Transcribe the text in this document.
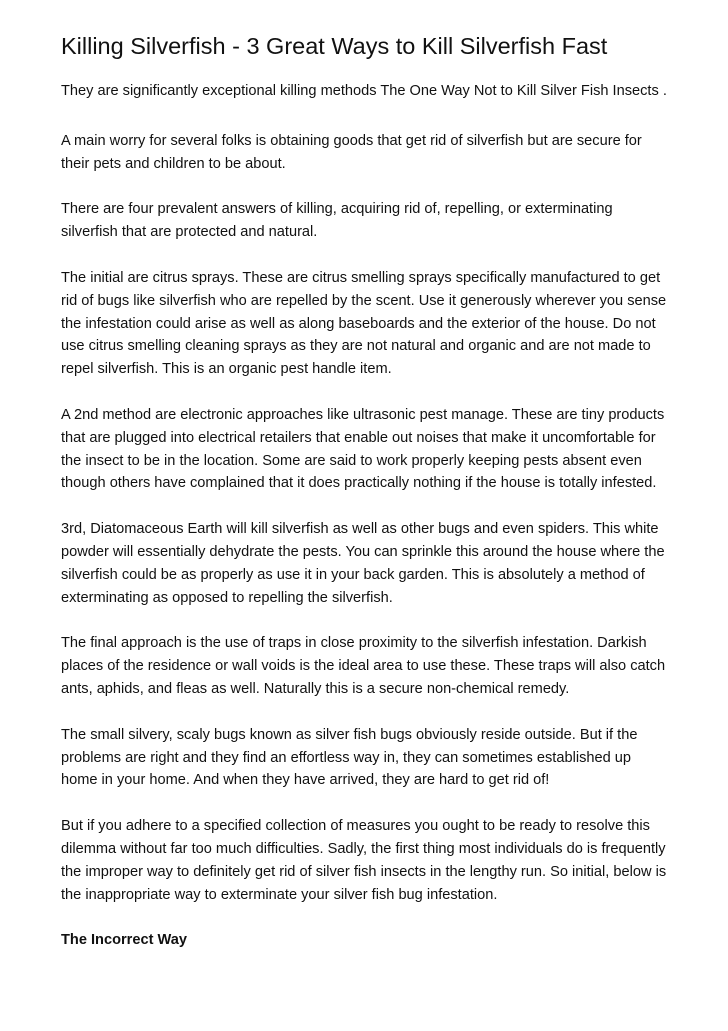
Killing Silverfish - 3 Great Ways to Kill Silverfish Fast

They are significantly exceptional killing methods The One Way Not to Kill Silver Fish Insects .

A main worry for several folks is obtaining goods that get rid of silverfish but are secure for their pets and children to be about.

There are four prevalent answers of killing, acquiring rid of, repelling, or exterminating silverfish that are protected and natural.

The initial are citrus sprays. These are citrus smelling sprays specifically manufactured to get rid of bugs like silverfish who are repelled by the scent. Use it generously wherever you sense the infestation could arise as well as along baseboards and the exterior of the house. Do not use citrus smelling cleaning sprays as they are not natural and organic and are not made to repel silverfish. This is an organic pest handle item.

A 2nd method are electronic approaches like ultrasonic pest manage. These are tiny products that are plugged into electrical retailers that enable out noises that make it uncomfortable for the insect to be in the location. Some are said to work properly keeping pests absent even though others have complained that it does practically nothing if the house is totally infested.

3rd, Diatomaceous Earth will kill silverfish as well as other bugs and even spiders. This white powder will essentially dehydrate the pests. You can sprinkle this around the house where the silverfish could be as properly as use it in your back garden. This is absolutely a method of exterminating as opposed to repelling the silverfish.

The final approach is the use of traps in close proximity to the silverfish infestation. Darkish places of the residence or wall voids is the ideal area to use these. These traps will also catch ants, aphids, and fleas as well. Naturally this is a secure non-chemical remedy.

The small silvery, scaly bugs known as silver fish bugs obviously reside outside. But if the problems are right and they find an effortless way in, they can sometimes established up home in your home. And when they have arrived, they are hard to get rid of!

But if you adhere to a specified collection of measures you ought to be ready to resolve this dilemma without far too much difficulties. Sadly, the first thing most individuals do is frequently the improper way to definitely get rid of silver fish insects in the lengthy run. So initial, below is the inappropriate way to exterminate your silver fish bug infestation.

The Incorrect Way
